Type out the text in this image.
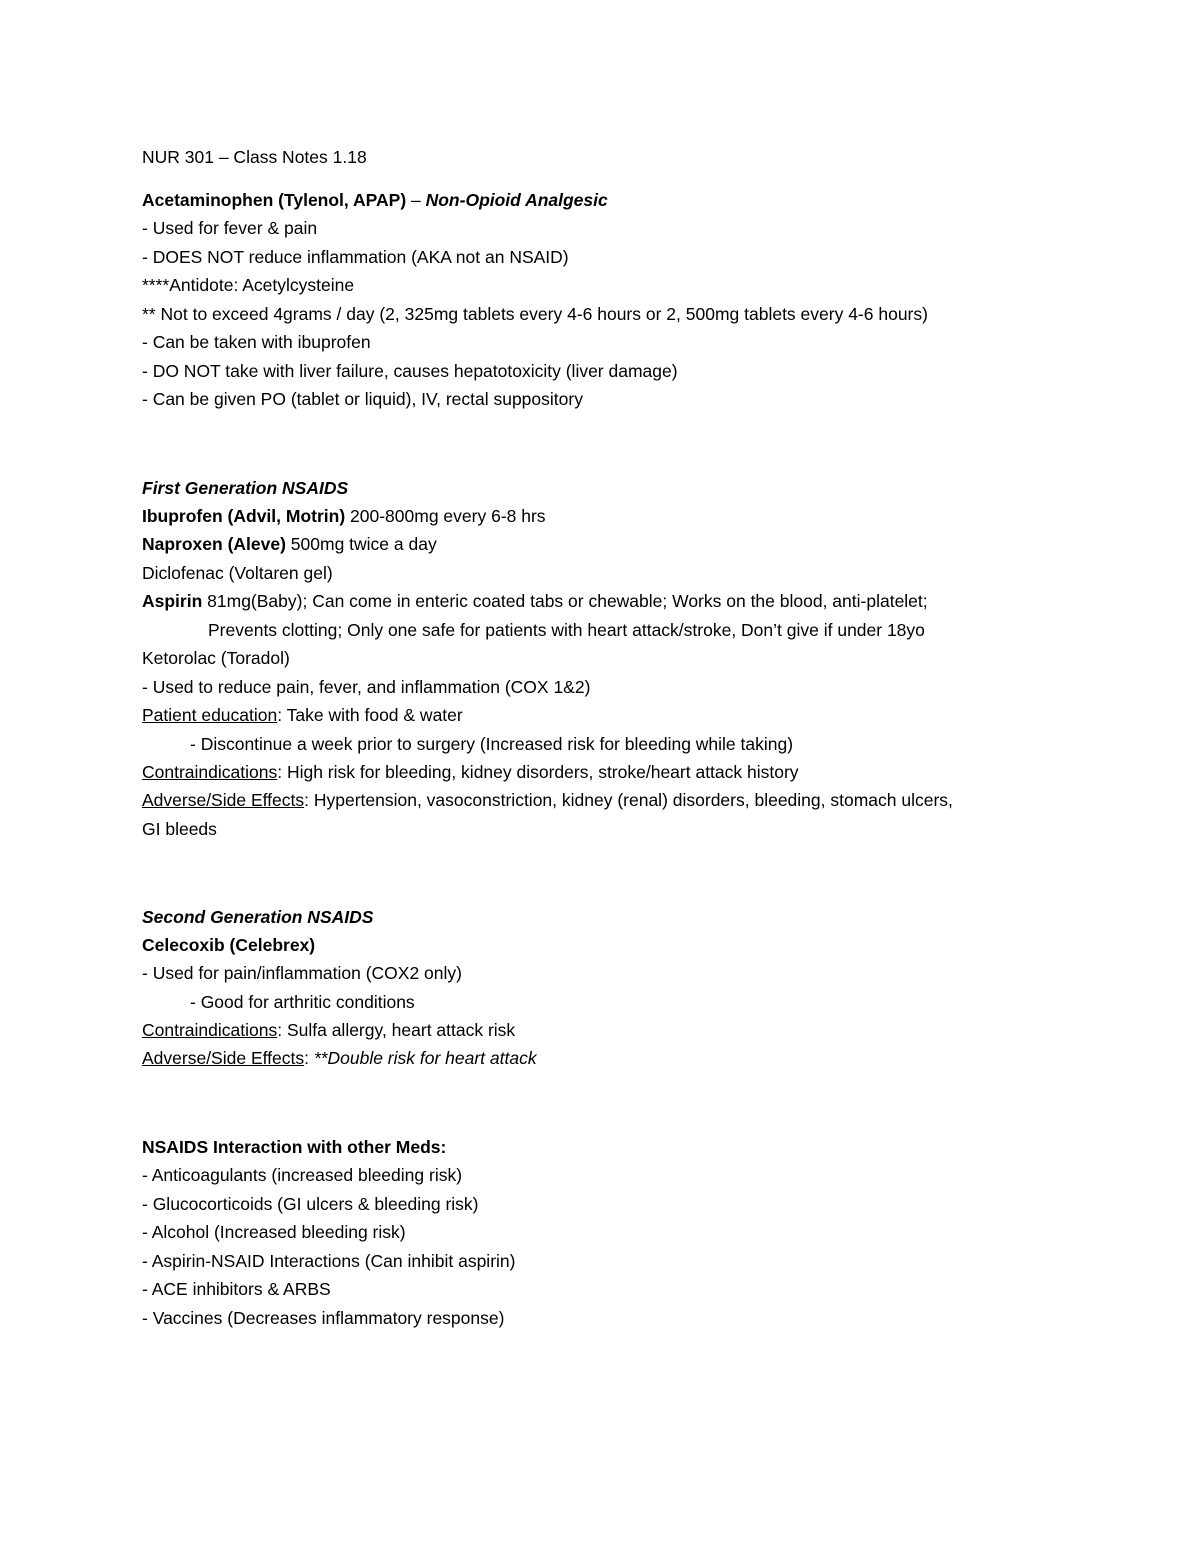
NUR 301 – Class Notes 1.18
Acetaminophen (Tylenol, APAP) – Non-Opioid Analgesic
- Used for fever & pain
- DOES NOT reduce inflammation (AKA not an NSAID)
****Antidote: Acetylcysteine
** Not to exceed 4grams / day (2, 325mg tablets every 4-6 hours or 2, 500mg tablets every 4-6 hours)
- Can be taken with ibuprofen
- DO NOT take with liver failure, causes hepatotoxicity (liver damage)
- Can be given PO (tablet or liquid), IV, rectal suppository
First Generation NSAIDS
Ibuprofen (Advil, Motrin) 200-800mg every 6-8 hrs
Naproxen (Aleve) 500mg twice a day
Diclofenac (Voltaren gel)
Aspirin 81mg(Baby); Can come in enteric coated tabs or chewable; Works on the blood, anti-platelet;
Prevents clotting; Only one safe for patients with heart attack/stroke, Don’t give if under 18yo
Ketorolac (Toradol)
- Used to reduce pain, fever, and inflammation (COX 1&2)
Patient education: Take with food & water
- Discontinue a week prior to surgery (Increased risk for bleeding while taking)
Contraindications: High risk for bleeding, kidney disorders, stroke/heart attack history
Adverse/Side Effects: Hypertension, vasoconstriction, kidney (renal) disorders, bleeding, stomach ulcers,
GI bleeds
Second Generation NSAIDS
Celecoxib (Celebrex)
- Used for pain/inflammation (COX2 only)
- Good for arthritic conditions
Contraindications: Sulfa allergy, heart attack risk
Adverse/Side Effects: **Double risk for heart attack
NSAIDS Interaction with other Meds:
- Anticoagulants (increased bleeding risk)
- Glucocorticoids (GI ulcers & bleeding risk)
- Alcohol (Increased bleeding risk)
- Aspirin-NSAID Interactions (Can inhibit aspirin)
- ACE inhibitors & ARBS
- Vaccines (Decreases inflammatory response)
